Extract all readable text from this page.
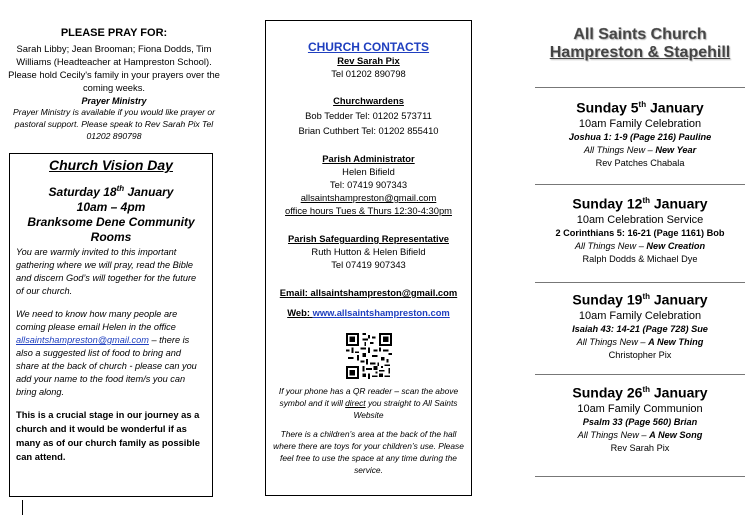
PLEASE PRAY FOR:
Sarah Libby; Jean Brooman; Fiona Dodds, Tim Williams (Headteacher at Hampreston School). Please hold Cecily's family in your prayers over the coming weeks.
Prayer Ministry
Prayer Ministry is available if you would like prayer or pastoral support. Please speak to Rev Sarah Pix Tel 01202 890798
Church Vision Day
Saturday 18th January
10am – 4pm
Branksome Dene Community Rooms
You are warmly invited to this important gathering where we will pray, read the Bible and discern God’s will together for the future of our church.
We need to know how many people are coming please email Helen in the office allsaintshampreston@gmail.com – there is also a suggested list of food to bring and share at the back of church - please can you add your name to the food item/s you can bring along.
This is a crucial stage in our journey as a church and it would be wonderful if as many as of our church family as possible can attend.
CHURCH CONTACTS
Rev Sarah Pix
Tel 01202 890798
Churchwardens
Bob Tedder Tel: 01202 573711
Brian Cuthbert Tel: 01202 855410
Parish Administrator
Helen Bifield
Tel: 07419 907343
allsaintshampreston@gmail.com
office hours Tues & Thurs 12:30-4:30pm
Parish Safeguarding Representative
Ruth Hutton & Helen Bifield
Tel 07419 907343
Email: allsaintshampreston@gmail.com
Web: www.allsaintshampreston.com
If your phone has a QR reader – scan the above symbol and it will direct you straight to All Saints Website
There is a children’s area at the back of the hall where there are toys for your children’s use. Please feel free to use the space at any time during the service.
All Saints Church
Hampreston & Stapehill
Sunday 5th January
10am Family Celebration
Joshua 1: 1-9 (Page 216) Pauline
All Things New – New Year
Rev Patches Chabala
Sunday 12th January
10am Celebration Service
2 Corinthians 5: 16-21 (Page 1161) Bob
All Things New – New Creation
Ralph Dodds & Michael Dye
Sunday 19th January
10am Family Celebration
Isaiah 43: 14-21 (Page 728) Sue
All Things New – A New Thing
Christopher Pix
Sunday 26th January
10am Family Communion
Psalm 33 (Page 560) Brian
All Things New – A New Song
Rev Sarah Pix
